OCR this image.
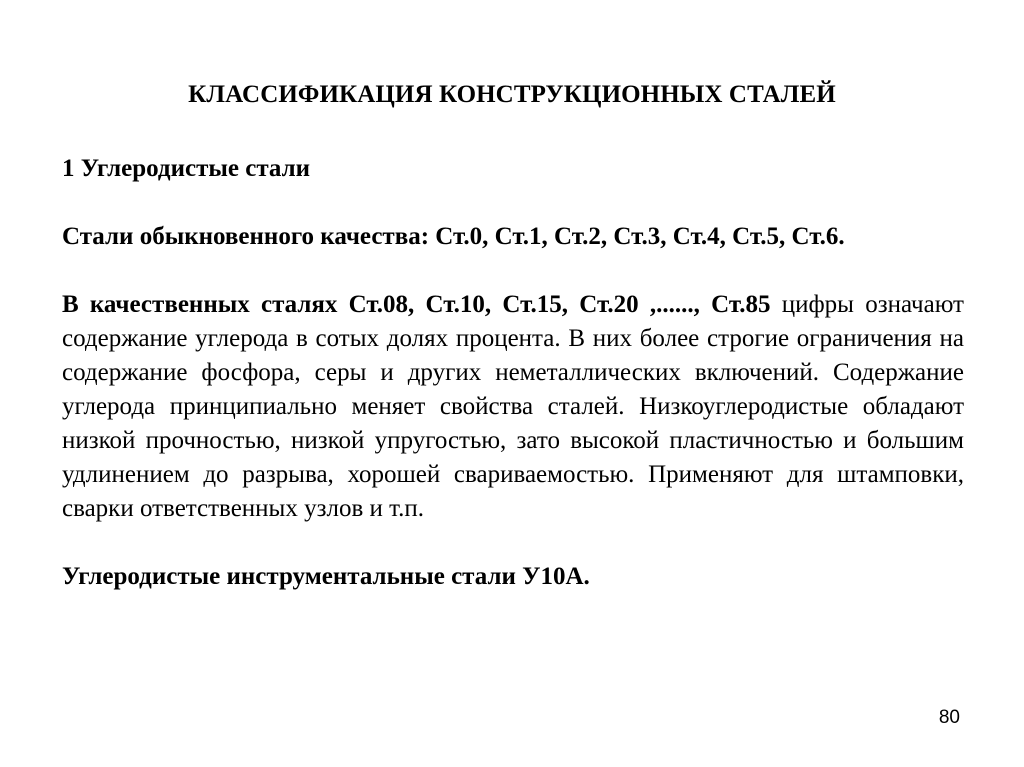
КЛАССИФИКАЦИЯ КОНСТРУКЦИОННЫХ СТАЛЕЙ

1 Углеродистые стали

Стали обыкновенного качества: Ст.0, Ст.1, Ст.2, Ст.3, Ст.4, Ст.5, Ст.6.

В качественных сталях Ст.08, Ст.10, Ст.15, Ст.20 ,......, Ст.85 цифры означают содержание углерода в сотых долях процента. В них более строгие ограничения на содержание фосфора, серы и других неметаллических включений. Содержание углерода принципиально меняет свойства сталей. Низкоуглеродистые обладают низкой прочностью, низкой упругостью, зато высокой пластичностью и большим удлинением до разрыва, хорошей свариваемостью. Применяют для штамповки, сварки ответственных узлов и т.п.

Углеродистые инструментальные стали У10А.

80
